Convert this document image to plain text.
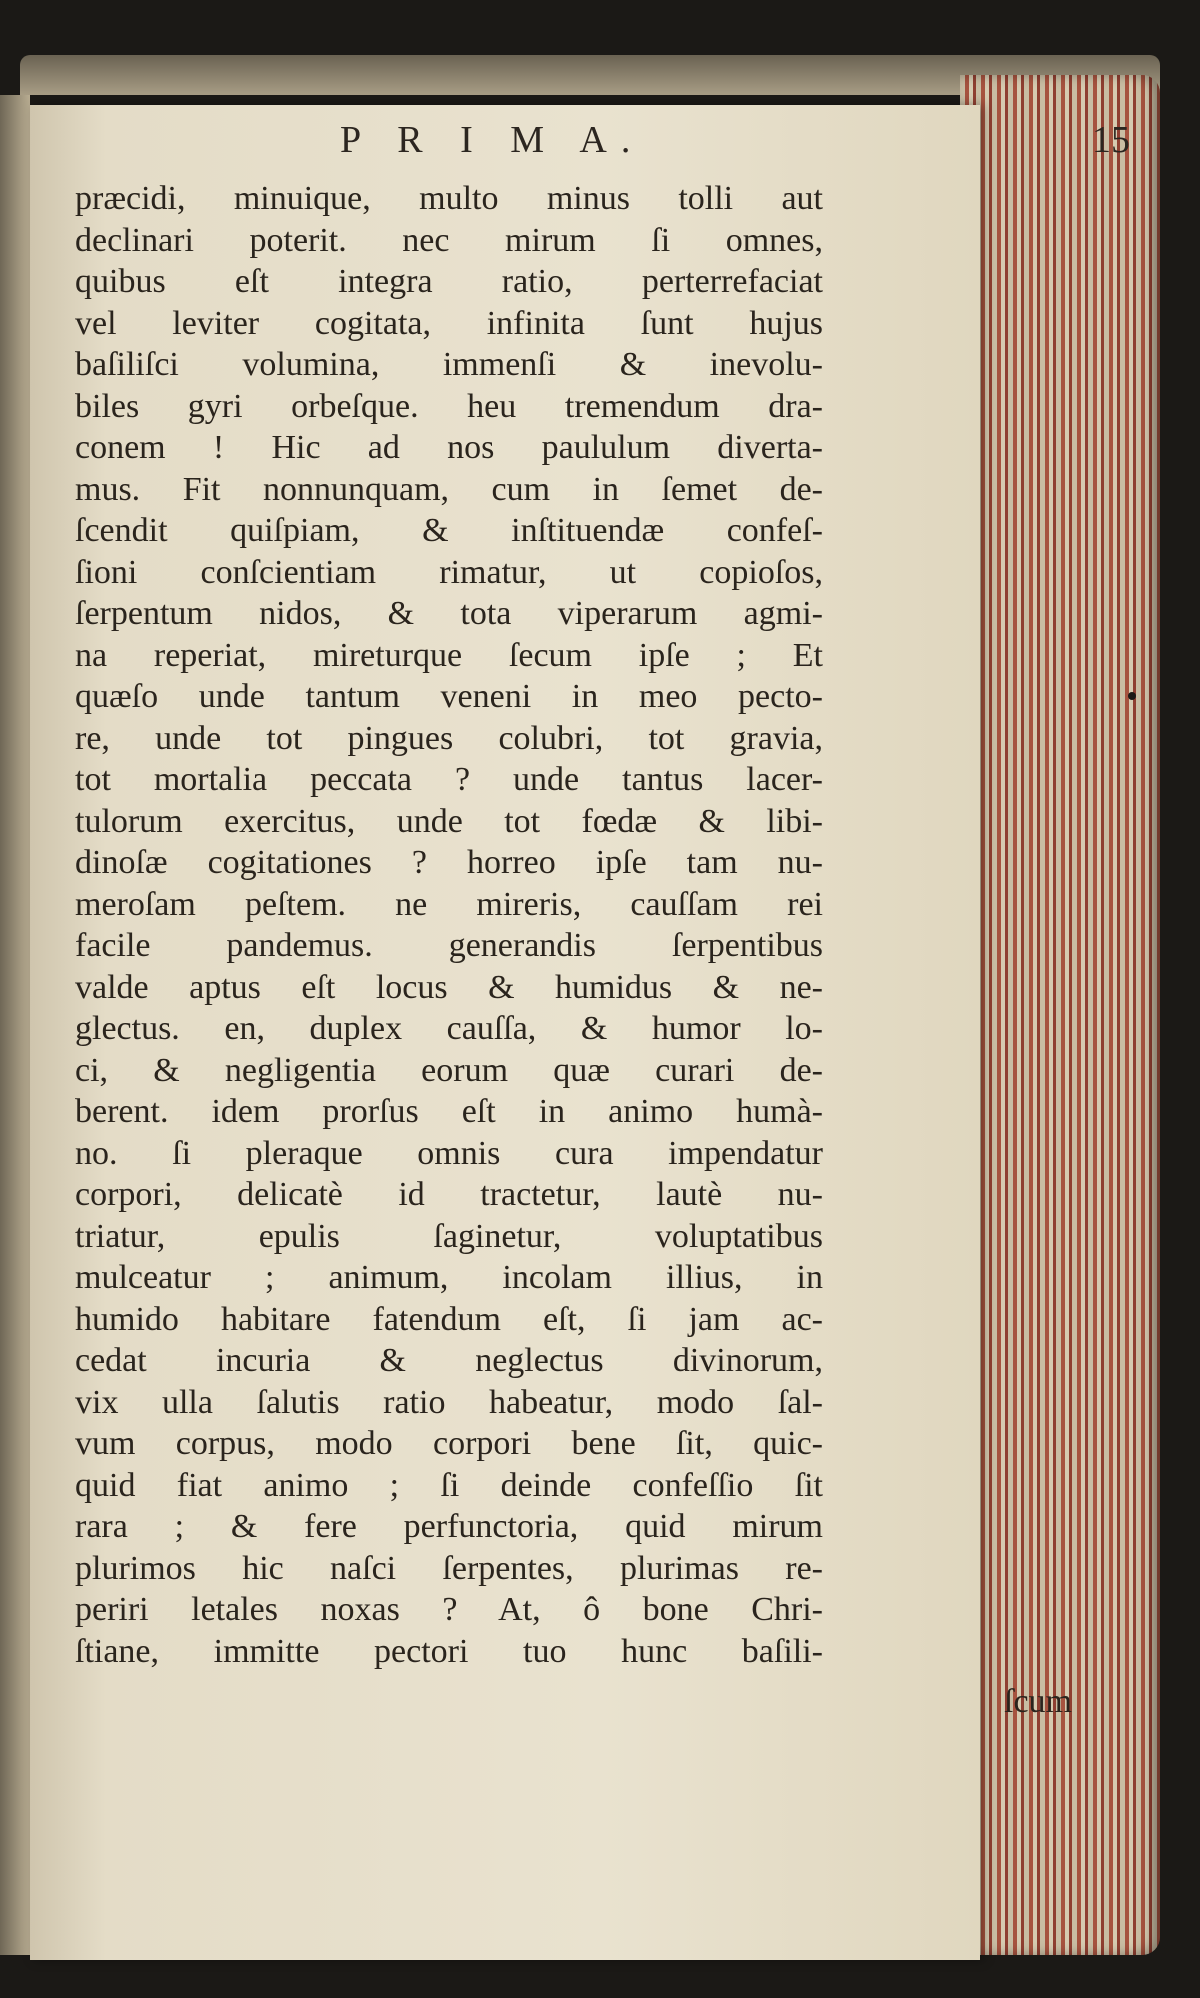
P R I M A.	15
præcidi, minuique, multo minus tolli aut
declinari poterit. nec mirum ſi omnes,
quibus eſt integra ratio, perterrefaciat
vel leviter cogitata, infinita ſunt hujus
baſiliſci volumina, immenſi & inevolu-
biles gyri orbeſque. heu tremendum dra-
conem ! Hic ad nos paululum diverta-
mus. Fit nonnunquam, cum in ſemet de-
ſcendit quiſpiam, & inſtituendæ confeſ-
ſioni conſcientiam rimatur, ut copioſos,
ſerpentum nidos, & tota viperarum agmi-
na reperiat, mireturque ſecum ipſe ; Et
quæſo unde tantum veneni in meo pecto-
re, unde tot pingues colubri, tot gravia,
tot mortalia peccata ? unde tantus lacer-
tulorum exercitus, unde tot fœdæ & libi-
dinoſæ cogitationes ? horreo ipſe tam nu-
meroſam peſtem. ne mireris, cauſſam rei
facile pandemus. generandis ſerpentibus
valde aptus eſt locus & humidus & ne-
glectus. en, duplex cauſſa, & humor lo-
ci, & negligentia eorum quæ curari de-
berent. idem prorſus eſt in animo humà-
no. ſi pleraque omnis cura impendatur
corpori, delicatè id tractetur, lautè nu-
triatur, epulis ſaginetur, voluptatibus
mulceatur ; animum, incolam illius, in
humido habitare fatendum eſt, ſi jam ac-
cedat incuria & neglectus divinorum,
vix ulla ſalutis ratio habeatur, modo ſal-
vum corpus, modo corpori bene ſit, quic-
quid fiat animo ; ſi deinde confeſſio ſit
rara ; & fere perfunctoria, quid mirum
plurimos hic naſci ſerpentes, plurimas re-
periri letales noxas ? At, ô bone Chri-
ſtiane, immitte pectori tuo hunc baſili-
ſcum
